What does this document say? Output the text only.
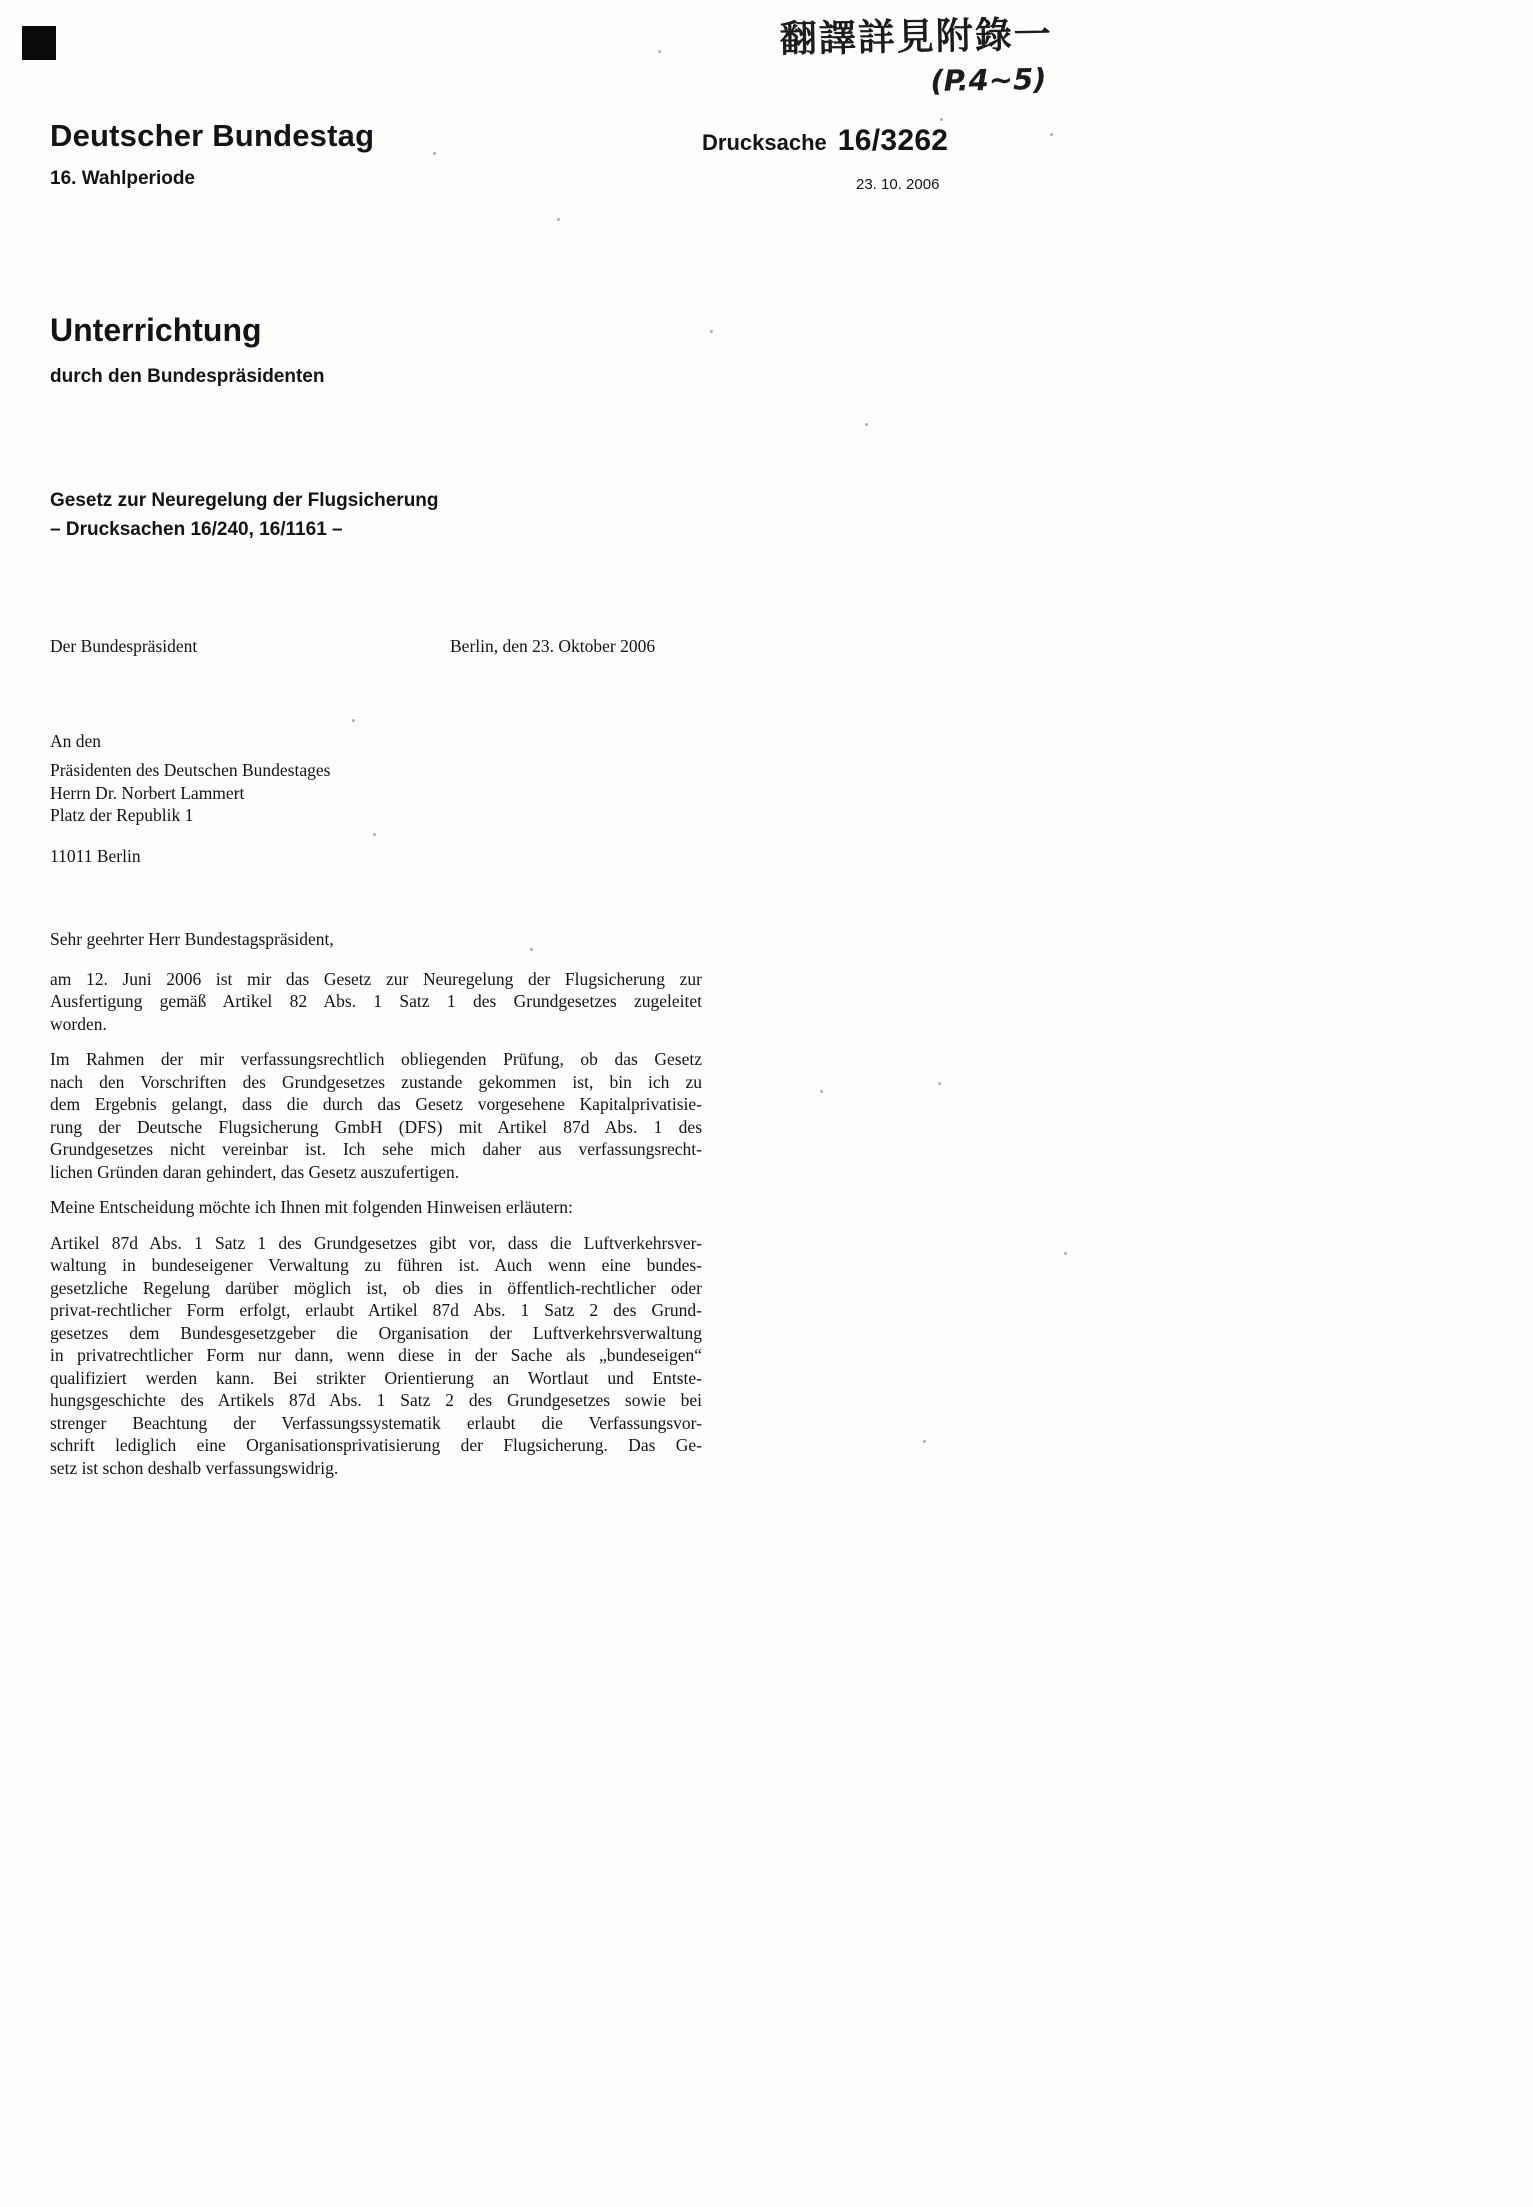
翻譯詳見附錄一
(P.4~5)
Deutscher Bundestag
16. Wahlperiode
Drucksache 16/3262
23. 10. 2006
Unterrichtung
durch den Bundespräsidenten
Gesetz zur Neuregelung der Flugsicherung
– Drucksachen 16/240, 16/1161 –
Der Bundespräsident	Berlin, den 23. Oktober 2006
An den
Präsidenten des Deutschen Bundestages
Herrn Dr. Norbert Lammert
Platz der Republik 1
11011 Berlin
Sehr geehrter Herr Bundestagspräsident,
am 12. Juni 2006 ist mir das Gesetz zur Neuregelung der Flugsicherung zur
Ausfertigung gemäß Artikel 82 Abs. 1 Satz 1 des Grundgesetzes zugeleitet
worden.
Im Rahmen der mir verfassungsrechtlich obliegenden Prüfung, ob das Gesetz
nach den Vorschriften des Grundgesetzes zustande gekommen ist, bin ich zu
dem Ergebnis gelangt, dass die durch das Gesetz vorgesehene Kapitalprivatisie-
rung der Deutsche Flugsicherung GmbH (DFS) mit Artikel 87d Abs. 1 des
Grundgesetzes nicht vereinbar ist. Ich sehe mich daher aus verfassungsrecht-
lichen Gründen daran gehindert, das Gesetz auszufertigen.
Meine Entscheidung möchte ich Ihnen mit folgenden Hinweisen erläutern:
Artikel 87d Abs. 1 Satz 1 des Grundgesetzes gibt vor, dass die Luftverkehrsver-
waltung in bundeseigener Verwaltung zu führen ist. Auch wenn eine bundes-
gesetzliche Regelung darüber möglich ist, ob dies in öffentlich-rechtlicher oder
privat-rechtlicher Form erfolgt, erlaubt Artikel 87d Abs. 1 Satz 2 des Grund-
gesetzes dem Bundesgesetzgeber die Organisation der Luftverkehrsverwaltung
in privatrechtlicher Form nur dann, wenn diese in der Sache als „bundeseigen“
qualifiziert werden kann. Bei strikter Orientierung an Wortlaut und Entste-
hungsgeschichte des Artikels 87d Abs. 1 Satz 2 des Grundgesetzes sowie bei
strenger Beachtung der Verfassungssystematik erlaubt die Verfassungsvor-
schrift lediglich eine Organisationsprivatisierung der Flugsicherung. Das Ge-
setz ist schon deshalb verfassungswidrig.
